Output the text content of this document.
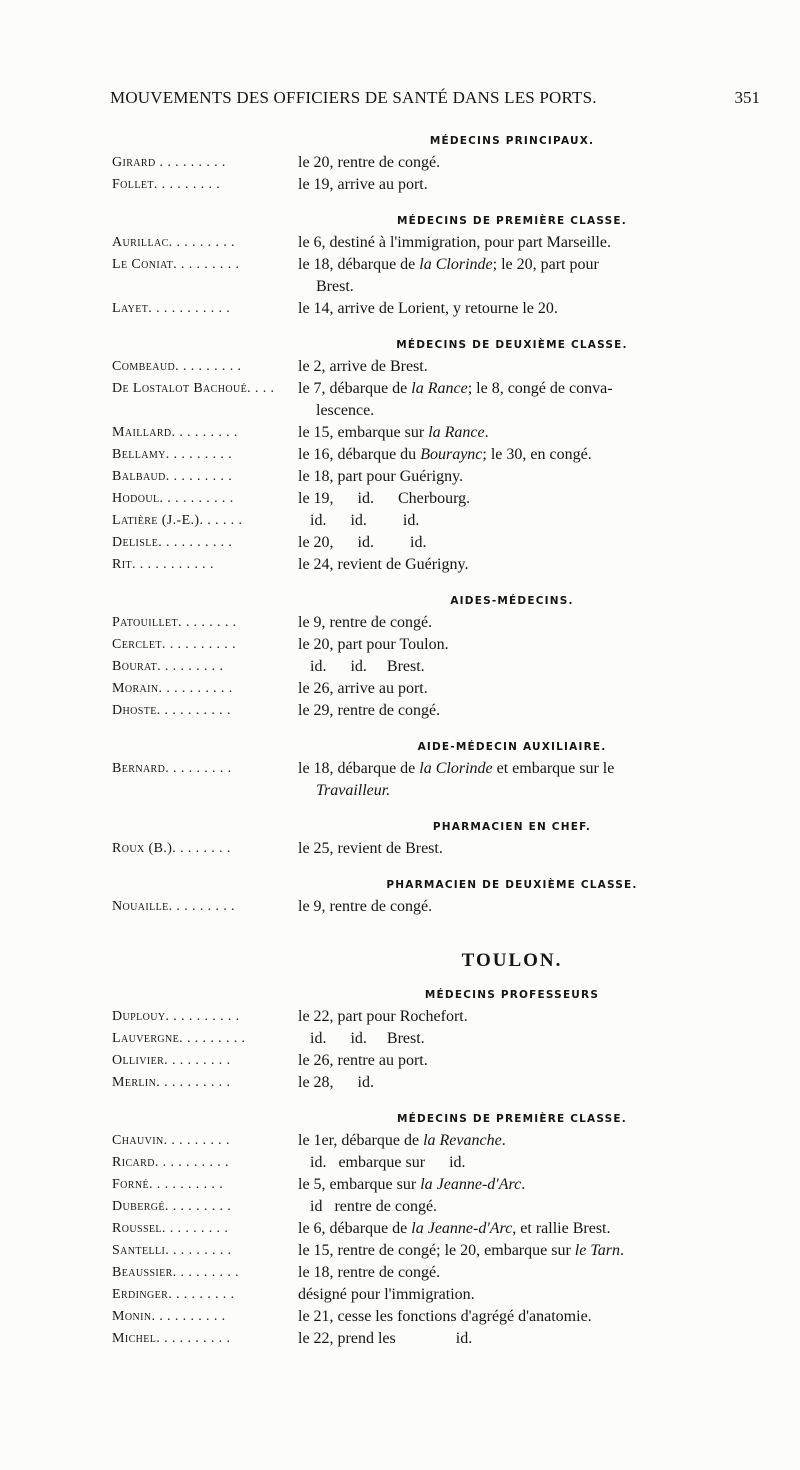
MOUVEMENTS DES OFFICIERS DE SANTÉ DANS LES PORTS.	351
MÉDECINS PRINCIPAUX.
Girard . . . . . . . . .	le 20, rentre de congé.
Follet. . . . . . . . .	le 19, arrive au port.
MÉDECINS DE PREMIÈRE CLASSE.
Aurillac. . . . . . . . .	le 6, destiné à l'immigration, pour part Marseille.
Le Coniat. . . . . . . . .	le 18, débarque de la Clorinde; le 20, part pour
Brest.
Layet. . . . . . . . . . .	le 14, arrive de Lorient, y retourne le 20.
MÉDECINS DE DEUXIÈME CLASSE.
Combeaud. . . . . . . . .	le 2, arrive de Brest.
De Lostalot Bachoué. . . .	le 7, débarque de la Rance; le 8, congé de conva-
lescence.
Maillard. . . . . . . . .	le 15, embarque sur la Rance.
Bellamy. . . . . . . . .	le 16, débarque du Bouraync; le 30, en congé.
Balbaud. . . . . . . . .	le 18, part pour Guérigny.
Hodoul. . . . . . . . . .	le 19,      id.      Cherbourg.
Latière (J.-E.). . . . . .	id.      id.         id.
Delisle. . . . . . . . . .	le 20,      id.         id.
Rit. . . . . . . . . . .	le 24, revient de Guérigny.
AIDES-MÉDECINS.
Patouillet. . . . . . . .	le 9, rentre de congé.
Cerclet. . . . . . . . . .	le 20, part pour Toulon.
Bourat. . . . . . . . .	id.      id.     Brest.
Morain. . . . . . . . . .	le 26, arrive au port.
Dhoste. . . . . . . . . .	le 29, rentre de congé.
AIDE-MÉDECIN AUXILIAIRE.
Bernard. . . . . . . . .	le 18, débarque de la Clorinde et embarque sur le
Travailleur.
PHARMACIEN EN CHEF.
Roux (B.). . . . . . . .	le 25, revient de Brest.
PHARMACIEN DE DEUXIÈME CLASSE.
Nouaille. . . . . . . . .	le 9, rentre de congé.
TOULON.
MÉDECINS PROFESSEURS
Duplouy. . . . . . . . . .	le 22, part pour Rochefort.
Lauvergne. . . . . . . . .	id.      id.     Brest.
Ollivier. . . . . . . . .	le 26, rentre au port.
Merlin. . . . . . . . . .	le 28,      id.
MÉDECINS DE PREMIÈRE CLASSE.
Chauvin. . . . . . . . .	le 1er, débarque de la Revanche.
Ricard. . . . . . . . . .	id.   embarque sur      id.
Forné. . . . . . . . . .	le 5, embarque sur la Jeanne-d'Arc.
Dubergé. . . . . . . . .	id   rentre de congé.
Roussel. . . . . . . . .	le 6, débarque de la Jeanne-d'Arc, et rallie Brest.
Santelli. . . . . . . . .	le 15, rentre de congé; le 20, embarque sur le Tarn.
Beaussier. . . . . . . . .	le 18, rentre de congé.
Erdinger. . . . . . . . .	désigné pour l'immigration.
Monin. . . . . . . . . .	le 21, cesse les fonctions d'agrégé d'anatomie.
Michel. . . . . . . . . .	le 22, prend les               id.
